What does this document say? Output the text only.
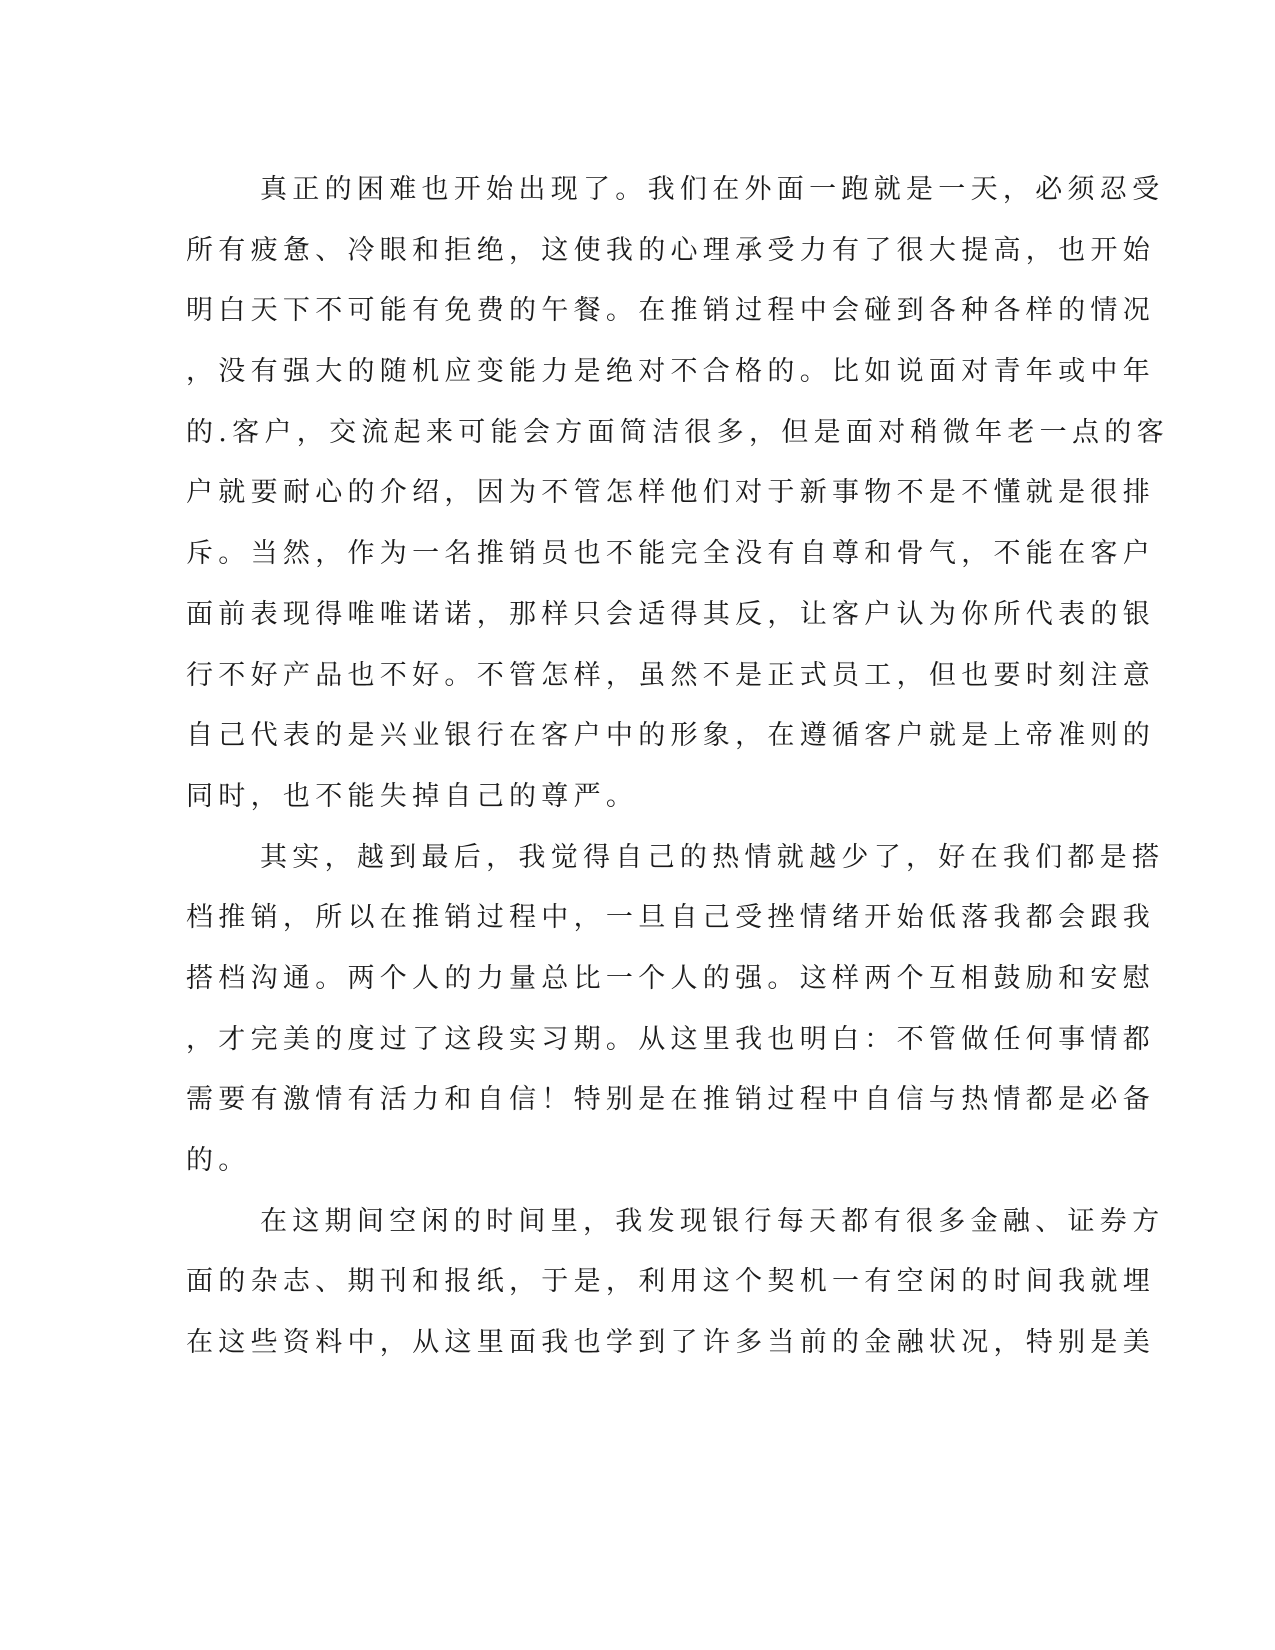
真正的困难也开始出现了。我们在外面一跑就是一天，必须忍受
所有疲惫、冷眼和拒绝，这使我的心理承受力有了很大提高，也开始
明白天下不可能有免费的午餐。在推销过程中会碰到各种各样的情况
，没有强大的随机应变能力是绝对不合格的。比如说面对青年或中年
的.客户，交流起来可能会方面简洁很多，但是面对稍微年老一点的客
户就要耐心的介绍，因为不管怎样他们对于新事物不是不懂就是很排
斥。当然，作为一名推销员也不能完全没有自尊和骨气，不能在客户
面前表现得唯唯诺诺，那样只会适得其反，让客户认为你所代表的银
行不好产品也不好。不管怎样，虽然不是正式员工，但也要时刻注意
自己代表的是兴业银行在客户中的形象，在遵循客户就是上帝准则的
同时，也不能失掉自己的尊严。
其实，越到最后，我觉得自己的热情就越少了，好在我们都是搭
档推销，所以在推销过程中，一旦自己受挫情绪开始低落我都会跟我
搭档沟通。两个人的力量总比一个人的强。这样两个互相鼓励和安慰
，才完美的度过了这段实习期。从这里我也明白：不管做任何事情都
需要有激情有活力和自信！特别是在推销过程中自信与热情都是必备
的。
在这期间空闲的时间里，我发现银行每天都有很多金融、证券方
面的杂志、期刊和报纸，于是，利用这个契机一有空闲的时间我就埋
在这些资料中，从这里面我也学到了许多当前的金融状况，特别是美
